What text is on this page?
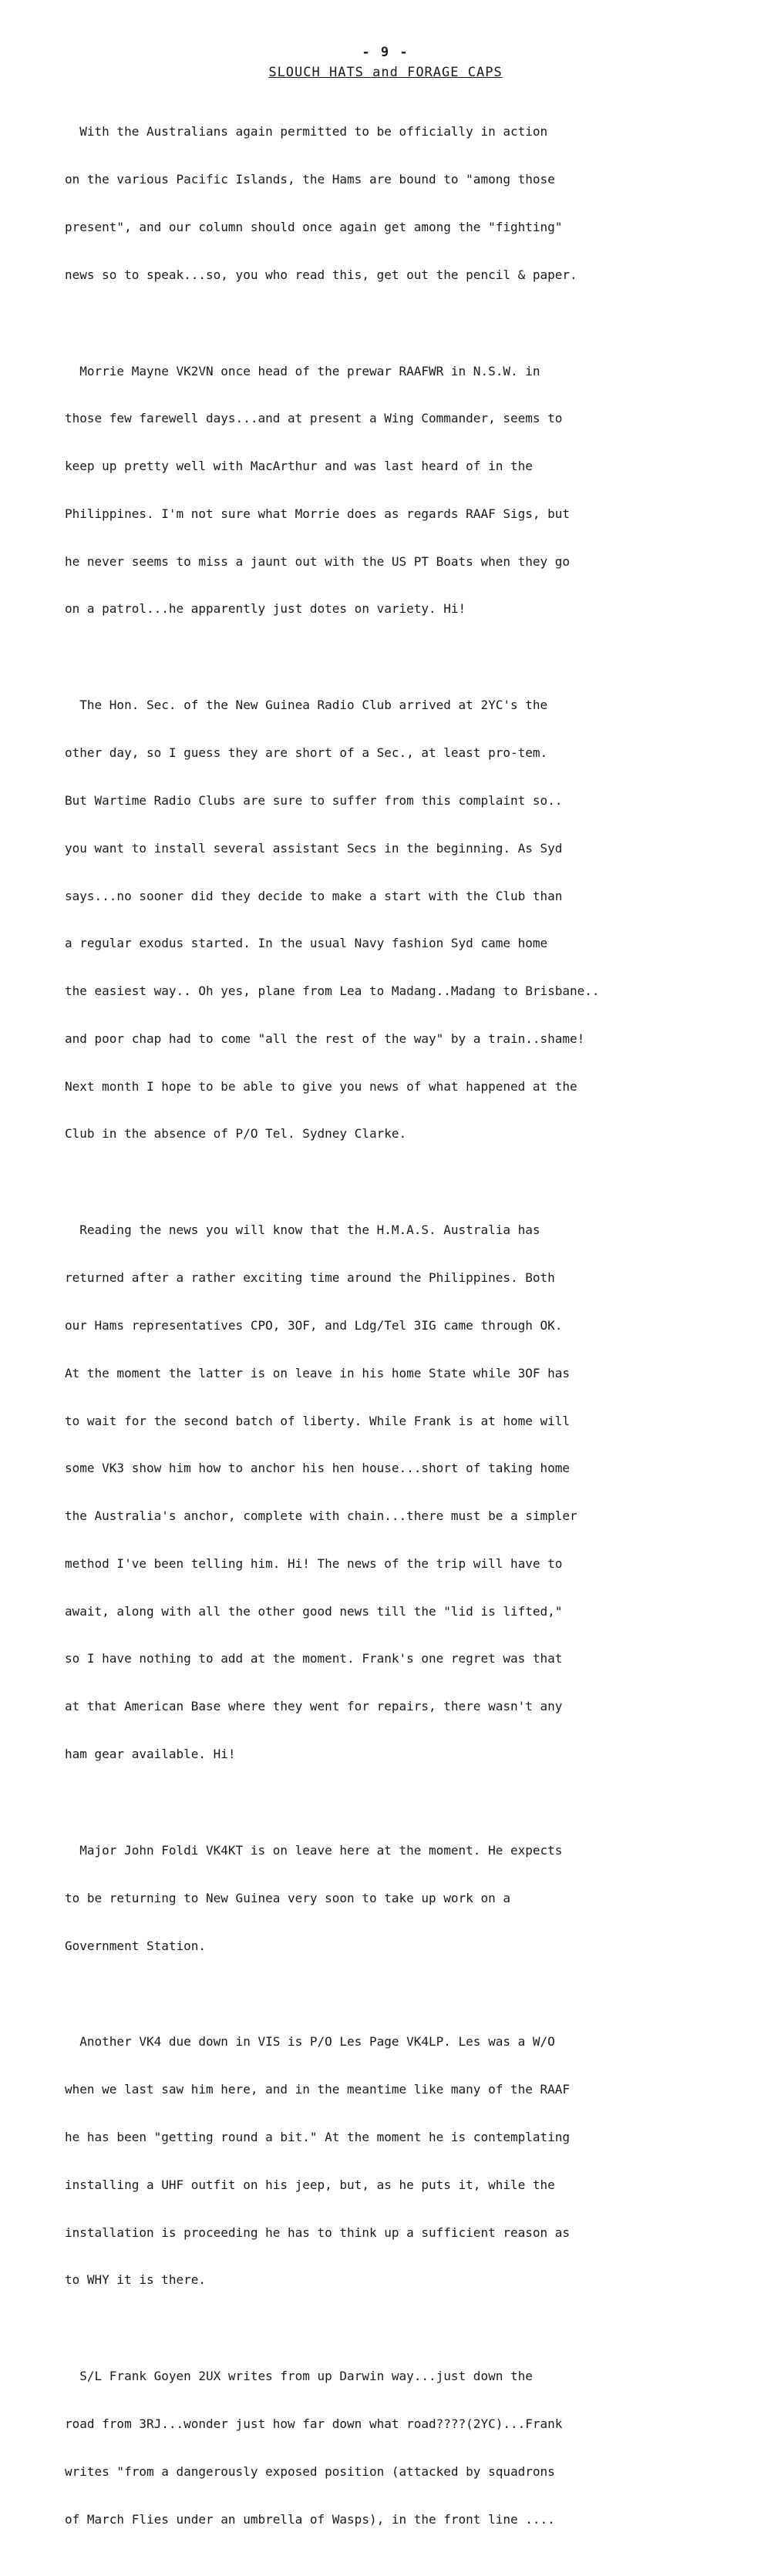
- 9 -
SLOUCH HATS and FORAGE CAPS

With the Australians again permitted to be officially in action

on the various Pacific Islands, the Hams are bound to "among those

present", and our column should once again get among the "fighting"

news so to speak...so, you who read this, get out the pencil & paper.

Morrie Mayne VK2VN once head of the prewar RAAFWR in N.S.W. in

those few farewell days...and at present a Wing Commander, seems to

keep up pretty well with MacArthur and was last heard of in the

Philippines. I'm not sure what Morrie does as regards RAAF Sigs, but

he never seems to miss a jaunt out with the US PT Boats when they go

on a patrol...he apparently just dotes on variety. Hi!

The Hon. Sec. of the New Guinea Radio Club arrived at 2YC's the

other day, so I guess they are short of a Sec., at least pro-tem.

But Wartime Radio Clubs are sure to suffer from this complaint so..

you want to install several assistant Secs in the beginning. As Syd

says...no sooner did they decide to make a start with the Club than

a regular exodus started. In the usual Navy fashion Syd came home

the easiest way.. Oh yes, plane from Lea to Madang..Madang to Brisbane..

and poor chap had to come "all the rest of the way" by a train..shame!

Next month I hope to be able to give you news of what happened at the

Club in the absence of P/O Tel. Sydney Clarke.

Reading the news you will know that the H.M.A.S. Australia has

returned after a rather exciting time around the Philippines. Both

our Hams representatives CPO, 3OF, and Ldg/Tel 3IG came through OK.

At the moment the latter is on leave in his home State while 3OF has

to wait for the second batch of liberty. While Frank is at home will

some VK3 show him how to anchor his hen house...short of taking home

the Australia's anchor, complete with chain...there must be a simpler

method I've been telling him. Hi! The news of the trip will have to

await, along with all the other good news till the "lid is lifted,"

so I have nothing to add at the moment. Frank's one regret was that

at that American Base where they went for repairs, there wasn't any

ham gear available. Hi!

Major John Foldi VK4KT is on leave here at the moment. He expects

to be returning to New Guinea very soon to take up work on a

Government Station.

Another VK4 due down in VIS is P/O Les Page VK4LP. Les was a W/O

when we last saw him here, and in the meantime like many of the RAAF

he has been "getting round a bit." At the moment he is contemplating

installing a UHF outfit on his jeep, but, as he puts it, while the

installation is proceeding he has to think up a sufficient reason as

to WHY it is there.

S/L Frank Goyen 2UX writes from up Darwin way...just down the

road from 3RJ...wonder just how far down what road????(2YC)...Frank

writes "from a dangerously exposed position (attacked by squadrons

of March Flies under an umbrella of Wasps), in the front line ....
